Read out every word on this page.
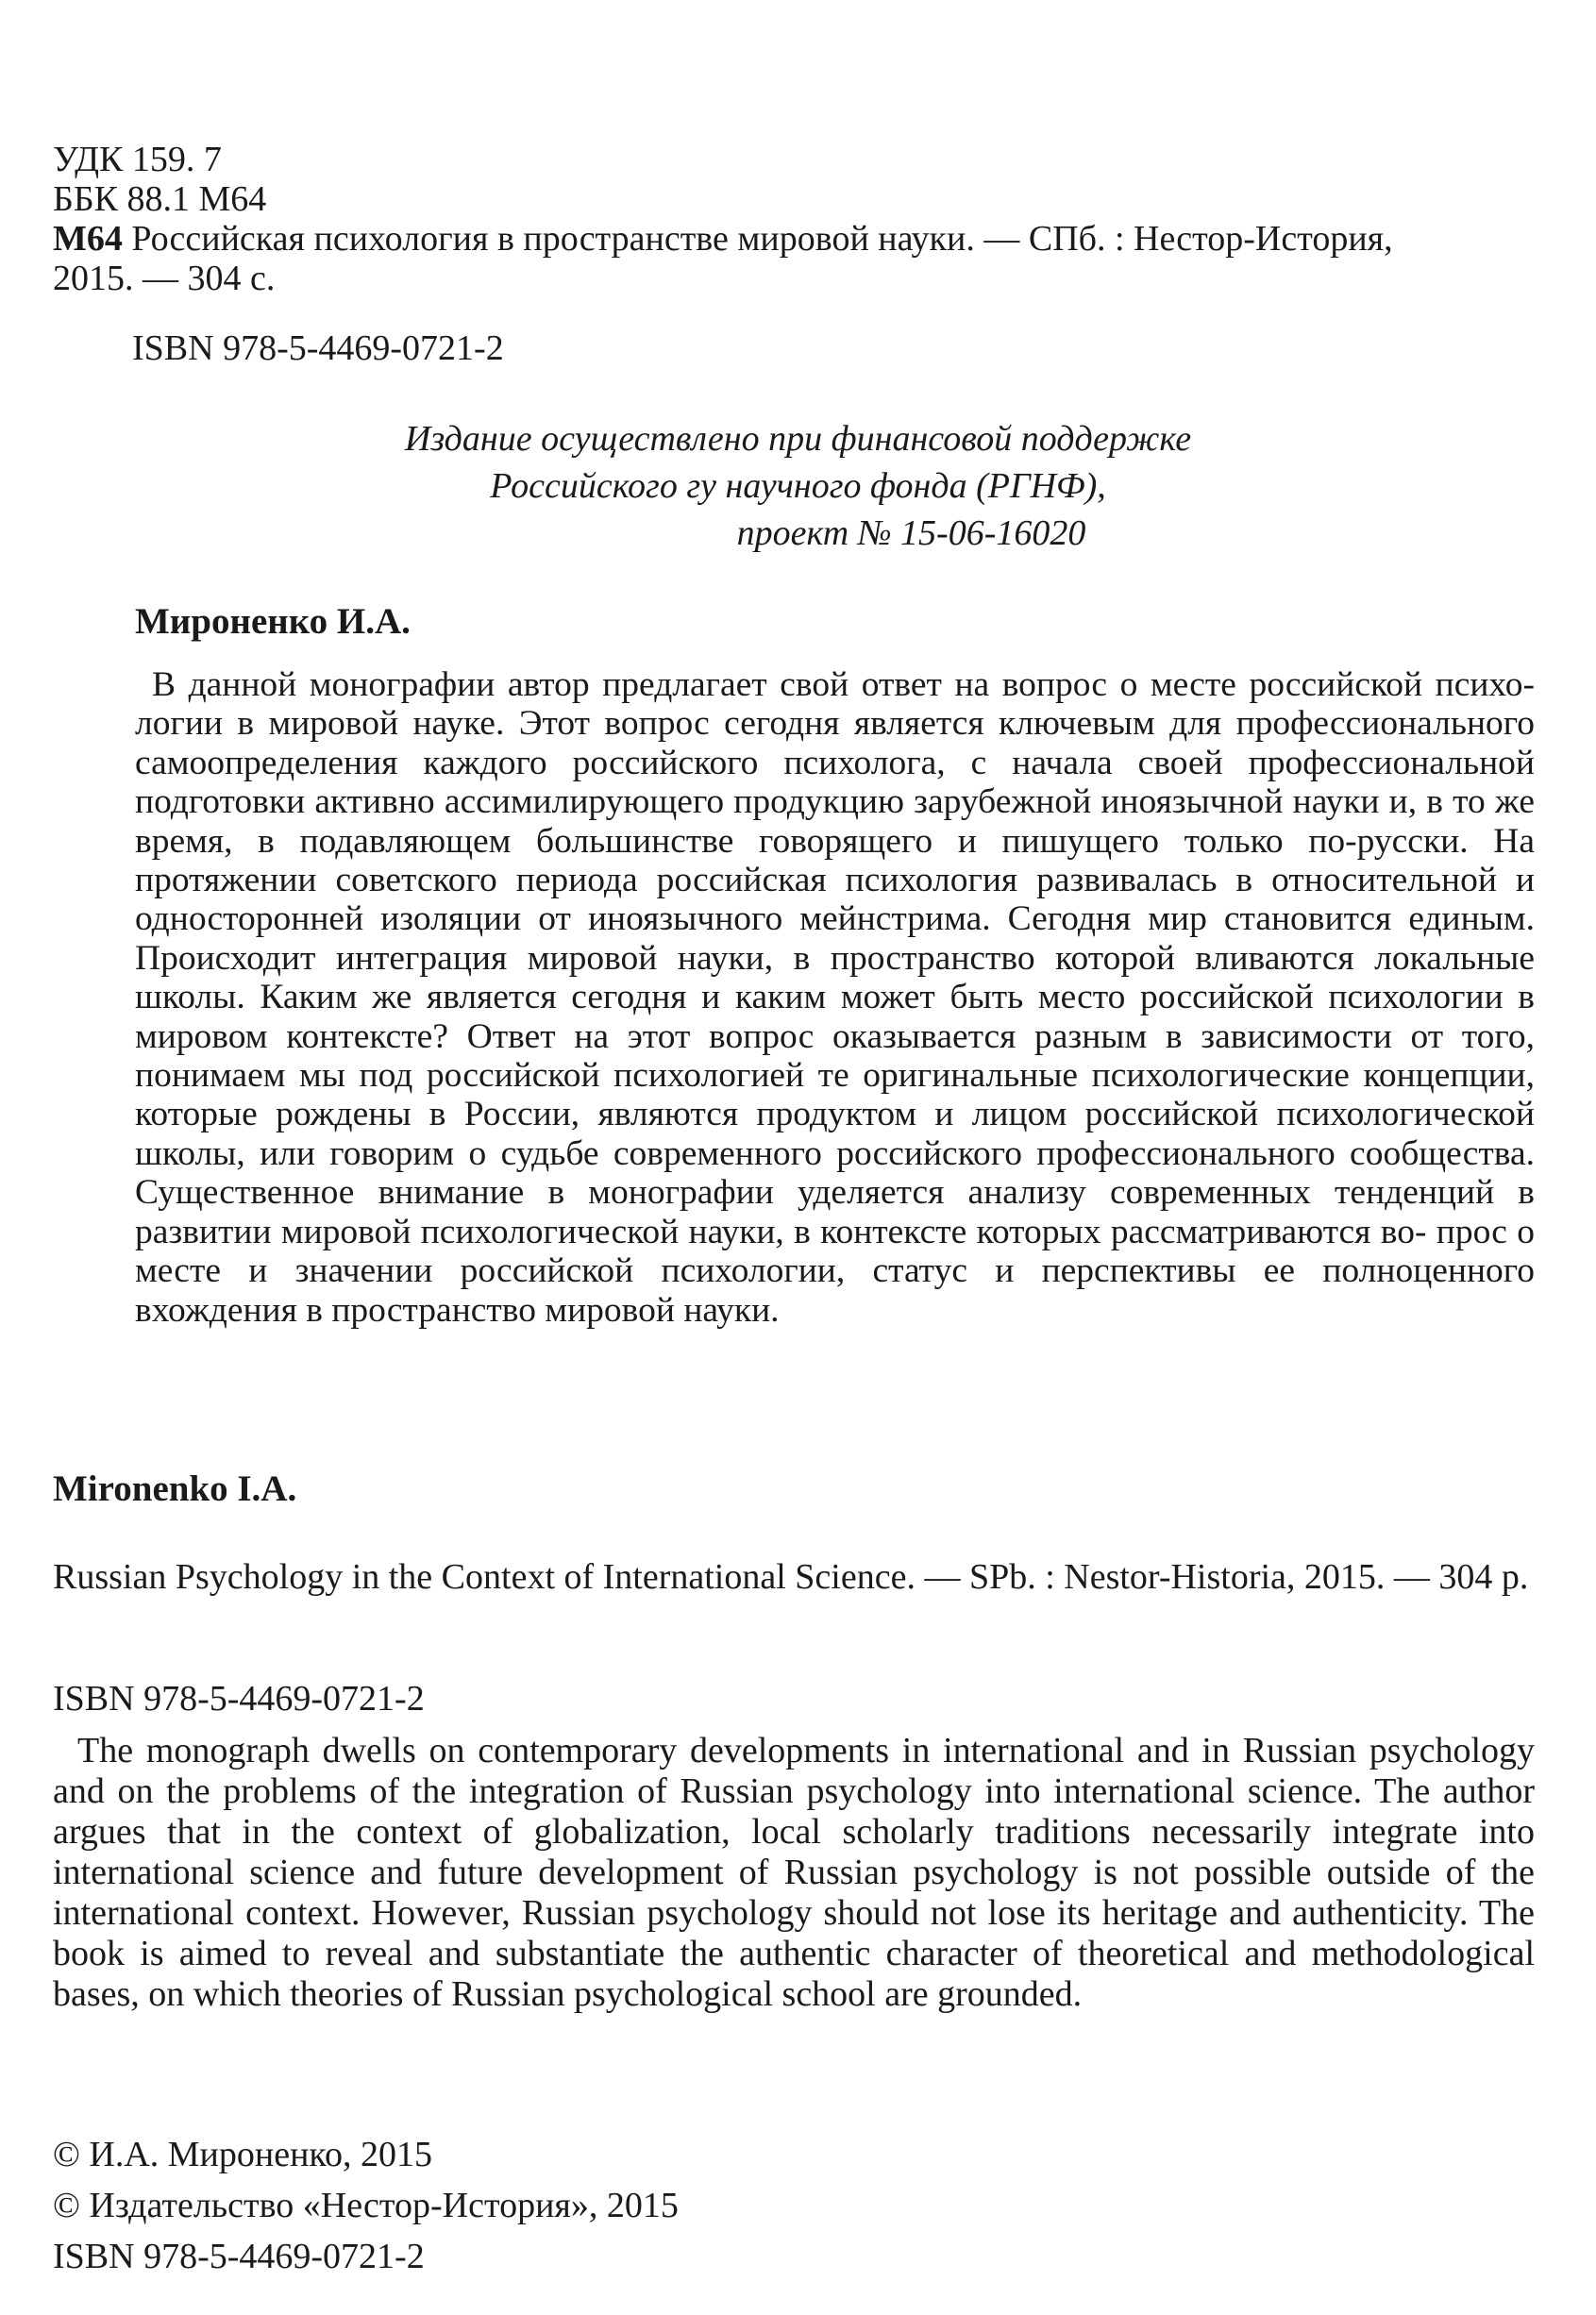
УДК 159. 7

ББК 88.1 М64

М64 Российская психология в пространстве мировой науки. — СПб. : Нестор-История,

2015. — 304 с.

ISBN 978-5-4469-0721-2

Издание осуществлено при финансовой поддержке

Российского гу научного фонда (РГНФ),

проект № 15-06-16020

Мироненко И.А.

В данной монографии автор предлагает свой ответ на вопрос о месте российской психо- логии в мировой науке. Этот вопрос сегодня является ключевым для профессионального самоопределения каждого российского психолога, с начала своей профессиональной подготовки активно ассимилирующего продукцию зарубежной иноязычной науки и, в то же время, в подавляющем большинстве говорящего и пишущего только по-русски. На протяжении советского периода российская психология развивалась в относительной и односторонней изоляции от иноязычного мейнстрима. Сегодня мир становится единым. Происходит интеграция мировой науки, в пространство которой вливаются локальные школы. Каким же является сегодня и каким может быть место российской психологии в мировом контексте? Ответ на этот вопрос оказывается разным в зависимости от того, понимаем мы под российской психологией те оригинальные психологические концепции, которые рождены в России, являются продуктом и лицом российской психологической школы, или говорим о судьбе современного российского профессионального сообщества. Существенное внимание в монографии уделяется анализу современных тенденций в развитии мировой психологической науки, в контексте которых рассматриваются во- прос о месте и значении российской психологии, статус и перспективы ее полноценного вхождения в пространство мировой науки.

Mironenko I.A.

Russian Psychology in the Context of International Science. — SPb. : Nestor-Historia, 2015. — 304 p.

ISBN 978-5-4469-0721-2

The monograph dwells on contemporary developments in international and in Russian psychology and on the problems of the integration of Russian psychology into international science. The author argues that in the context of globalization, local scholarly traditions necessarily integrate into international science and future development of Russian psychology is not possible outside of the international context. However, Russian psychology should not lose its heritage and authenticity. The book is aimed to reveal and substantiate the authentic character of theoretical and methodological bases, on which theories of Russian psychological school are grounded.

© И.А. Мироненко, 2015

© Издательство «Нестор-История», 2015

ISBN 978-5-4469-0721-2
